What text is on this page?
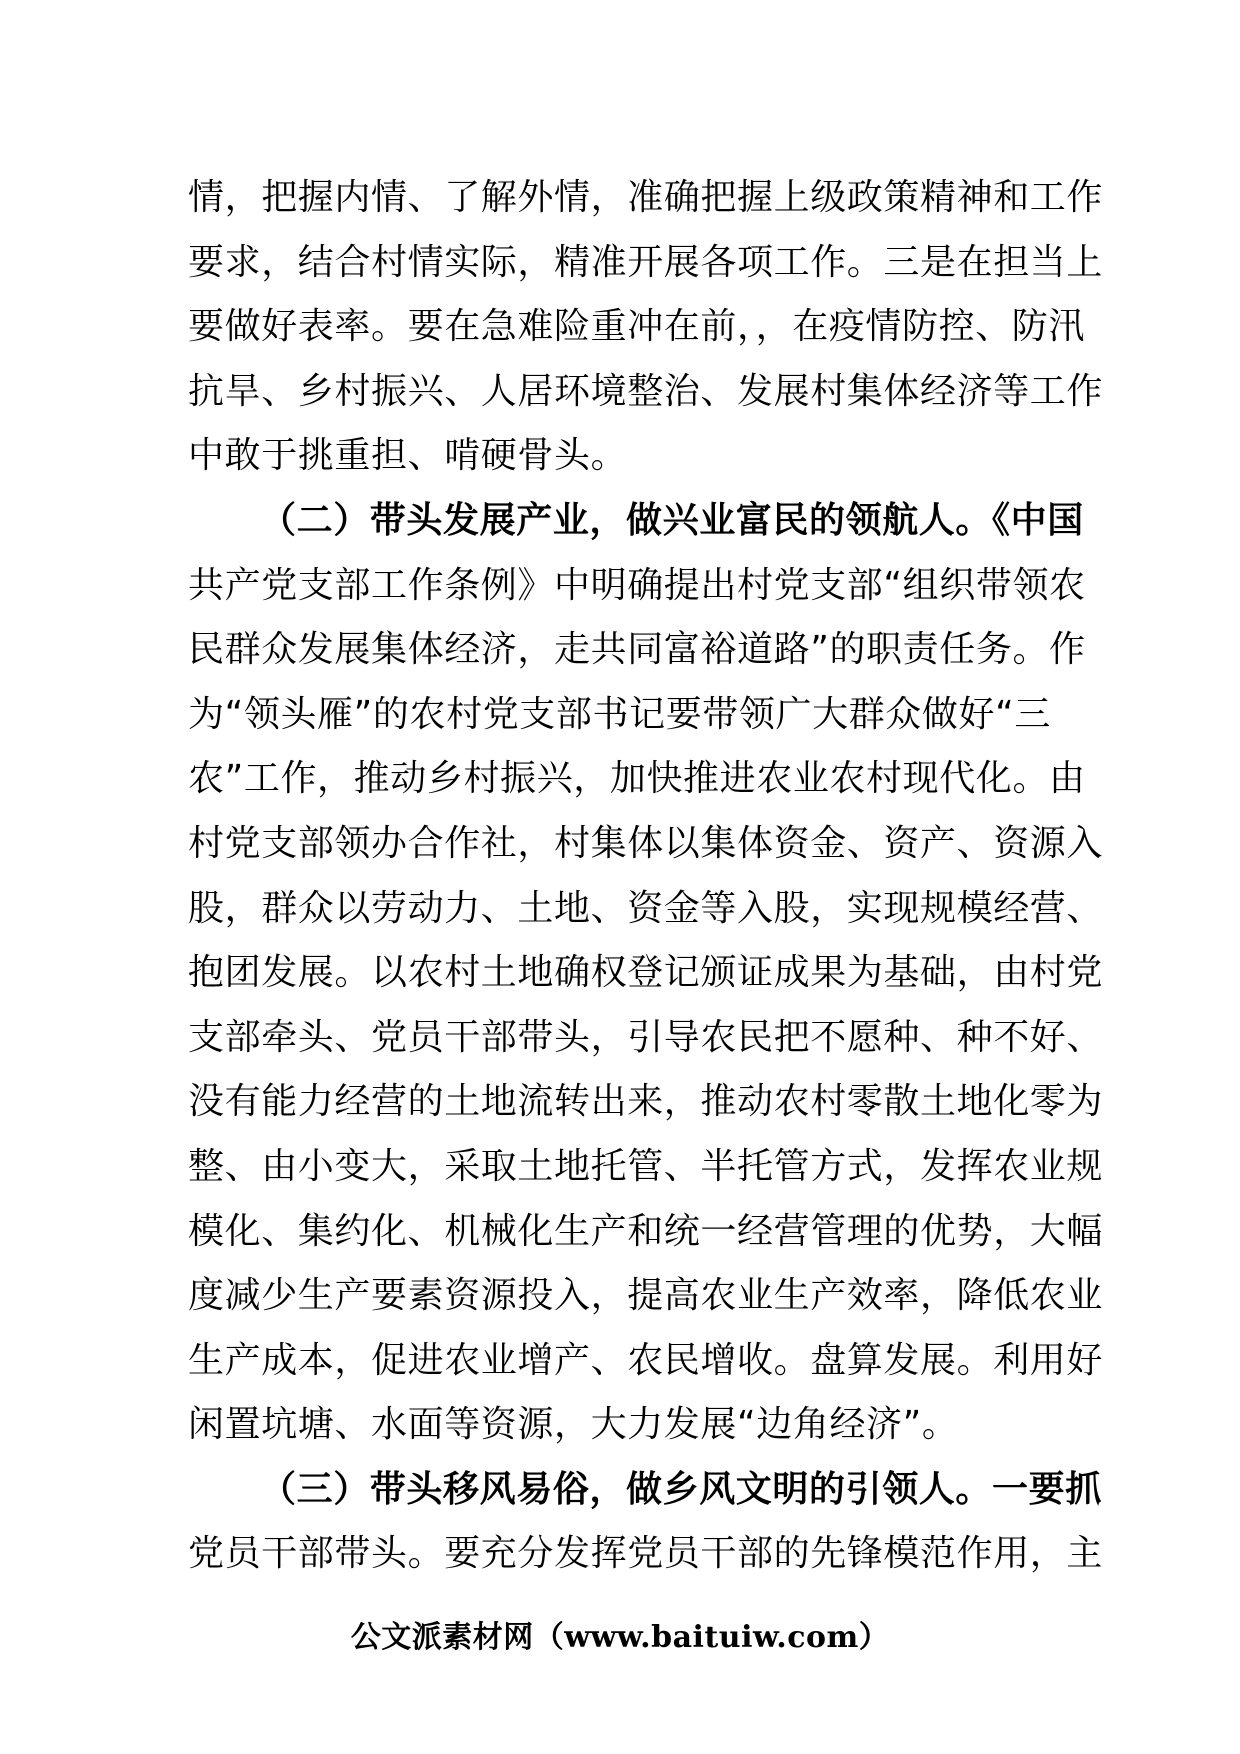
情，把握内情、了解外情，准确把握上级政策精神和工作
要求，结合村情实际，精准开展各项工作。三是在担当上
要做好表率。要在急难险重冲在前，，在疫情防控、防汛
抗旱、乡村振兴、人居环境整治、发展村集体经济等工作
中敢于挑重担、啃硬骨头。
（二）带头发展产业，做兴业富民的领航人。《中国
共产党支部工作条例》中明确提出村党支部“组织带领农
民群众发展集体经济，走共同富裕道路”的职责任务。作
为“领头雁”的农村党支部书记要带领广大群众做好“三
农”工作，推动乡村振兴，加快推进农业农村现代化。由
村党支部领办合作社，村集体以集体资金、资产、资源入
股，群众以劳动力、土地、资金等入股，实现规模经营、
抱团发展。以农村土地确权登记颁证成果为基础，由村党
支部牵头、党员干部带头，引导农民把不愿种、种不好、
没有能力经营的土地流转出来，推动农村零散土地化零为
整、由小变大，采取土地托管、半托管方式，发挥农业规
模化、集约化、机械化生产和统一经营管理的优势，大幅
度减少生产要素资源投入，提高农业生产效率，降低农业
生产成本，促进农业增产、农民增收。盘算发展。利用好
闲置坑塘、水面等资源，大力发展“边角经济”。
（三）带头移风易俗，做乡风文明的引领人。一要抓
党员干部带头。要充分发挥党员干部的先锋模范作用，主
公文派素材网（www.baituiw.com）
